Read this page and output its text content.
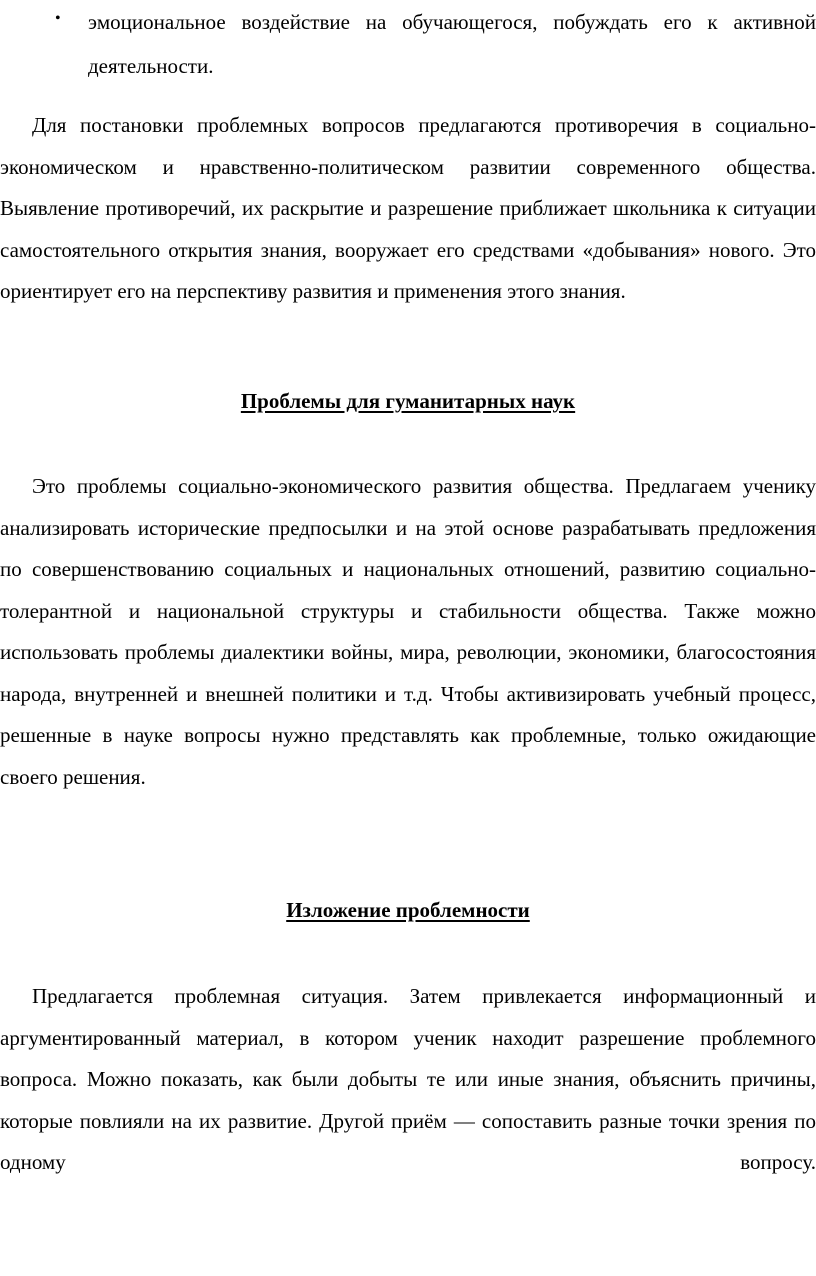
• эмоциональное воздействие на обучающегося, побуждать его к активной деятельности.

Для постановки проблемных вопросов предлагаются противоречия в социально-экономическом и нравственно-политическом развитии современного общества. Выявление противоречий, их раскрытие и разрешение приближает школьника к ситуации самостоятельного открытия знания, вооружает его средствами «добывания» нового. Это ориентирует его на перспективу развития и применения этого знания.

Проблемы для гуманитарных наук

Это проблемы социально-экономического развития общества. Предлагаем ученику анализировать исторические предпосылки и на этой основе разрабатывать предложения по совершенствованию социальных и национальных отношений, развитию социально-толерантной и национальной структуры и стабильности общества. Также можно использовать проблемы диалектики войны, мира, революции, экономики, благосостояния народа, внутренней и внешней политики и т.д. Чтобы активизировать учебный процесс, решенные в науке вопросы нужно представлять как проблемные, только ожидающие своего решения.

Изложение проблемности

Предлагается проблемная ситуация. Затем привлекается информационный и аргументированный материал, в котором ученик находит разрешение проблемного вопроса. Можно показать, как были добыты те или иные знания, объяснить причины, которые повлияли на их развитие. Другой приём — сопоставить разные точки зрения по одному вопросу.
